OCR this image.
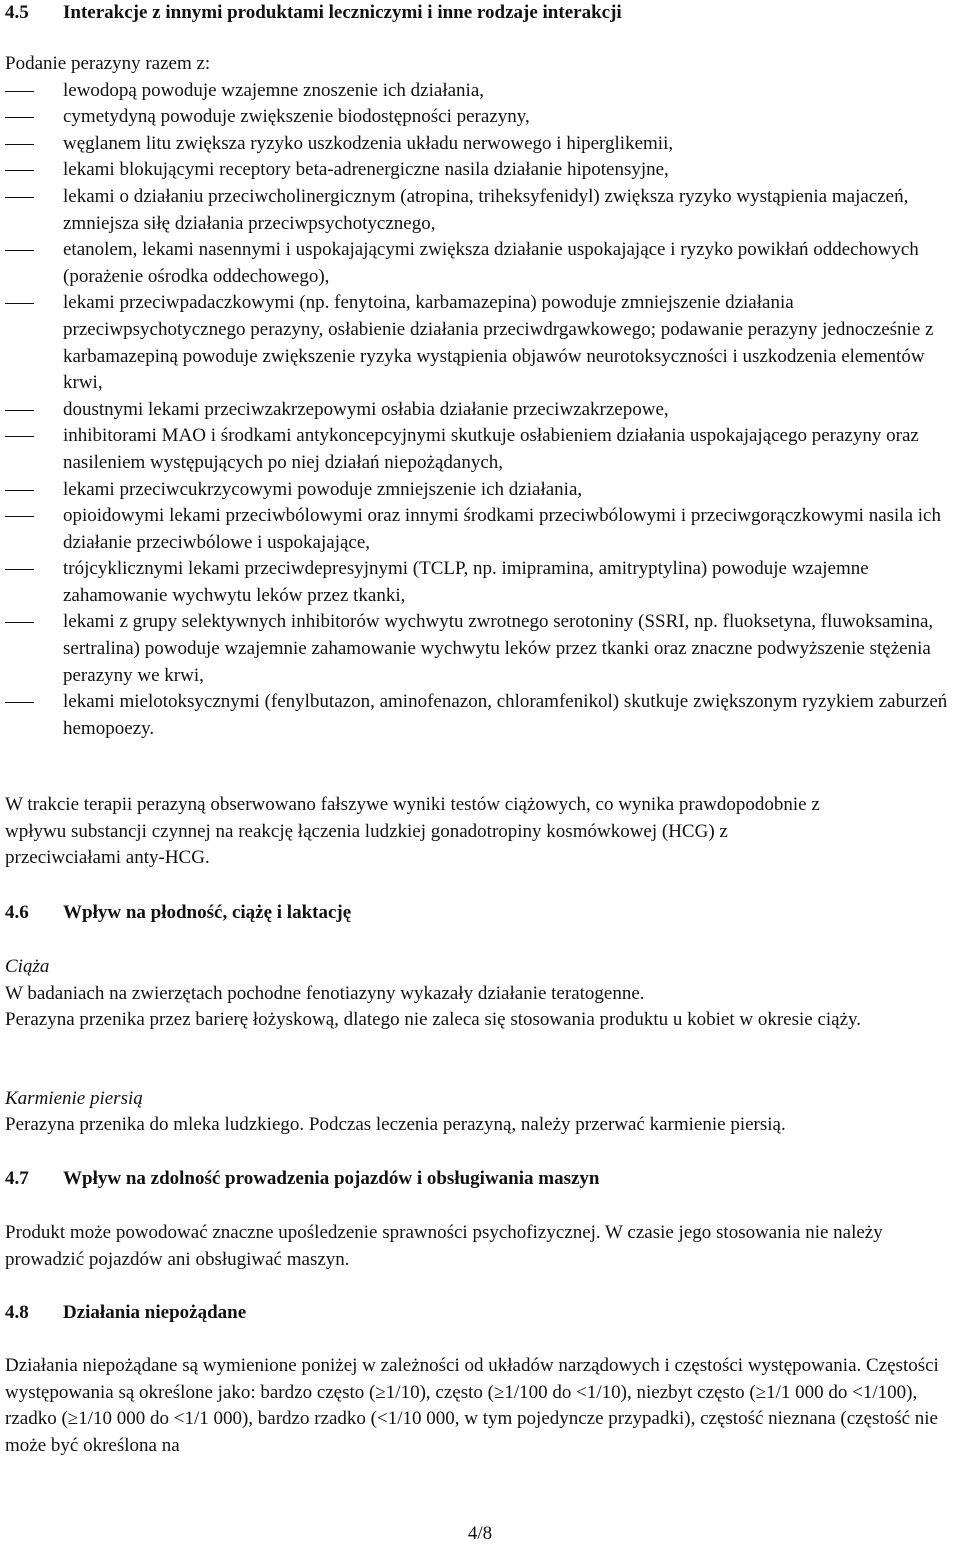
4.5	Interakcje z innymi produktami leczniczymi i inne rodzaje interakcji

Podanie perazyny razem z:

lewodopą powoduje wzajemne znoszenie ich działania,
cymetydyną powoduje zwiększenie biodostępności perazyny,
węglanem litu zwiększa ryzyko uszkodzenia układu nerwowego i hiperglikemii,
lekami blokującymi receptory beta-adrenergiczne nasila działanie hipotensyjne,
lekami o działaniu przeciwcholinergicznym (atropina, triheksyfenidyl) zwiększa ryzyko wystąpienia majaczeń, zmniejsza siłę działania przeciwpsychotycznego,
etanolem, lekami nasennymi i uspokajającymi zwiększa działanie uspokajające i ryzyko powikłań oddechowych (porażenie ośrodka oddechowego),
lekami przeciwpadaczkowymi (np. fenytoina, karbamazepina) powoduje zmniejszenie działania przeciwpsychotycznego perazyny, osłabienie działania przeciwdrgawkowego; podawanie perazyny jednocześnie z karbamazepiną powoduje zwiększenie ryzyka wystąpienia objawów neurotoksyczności i uszkodzenia elementów krwi,
doustnymi lekami przeciwzakrzepowymi osłabia działanie przeciwzakrzepowe,
inhibitorami MAO i środkami antykoncepcyjnymi skutkuje osłabieniem działania uspokajającego perazyny oraz nasileniem występujących po niej działań niepożądanych,
lekami przeciwcukrzycowymi powoduje zmniejszenie ich działania,
opioidowymi lekami przeciwbólowymi oraz innymi środkami przeciwbólowymi i przeciwgorączkowymi nasila ich działanie przeciwbólowe i uspokajające,
trójcyklicznymi lekami przeciwdepresyjnymi (TCLP, np. imipramina, amitryptylina) powoduje wzajemne zahamowanie wychwytu leków przez tkanki,
lekami z grupy selektywnych inhibitorów wychwytu zwrotnego serotoniny (SSRI, np. fluoksetyna, fluwoksamina, sertralina) powoduje wzajemnie zahamowanie wychwytu leków przez tkanki oraz znaczne podwyższenie stężenia perazyny we krwi,
lekami mielotoksycznymi (fenylbutazon, aminofenazon, chloramfenikol) skutkuje zwiększonym ryzykiem zaburzeń hemopoezy.

W trakcie terapii perazyną obserwowano fałszywe wyniki testów ciążowych, co wynika prawdopodobnie z wpływu substancji czynnej na reakcję łączenia ludzkiej gonadotropiny kosmówkowej (HCG) z przeciwciałami anty-HCG.

4.6	Wpływ na płodność, ciążę i laktację

Ciąża

W badaniach na zwierzętach pochodne fenotiazyny wykazały działanie teratogenne.

Perazyna przenika przez barierę łożyskową, dlatego nie zaleca się stosowania produktu u kobiet w okresie ciąży.

Karmienie piersią

Perazyna przenika do mleka ludzkiego. Podczas leczenia perazyną, należy przerwać karmienie piersią.

4.7	Wpływ na zdolność prowadzenia pojazdów i obsługiwania maszyn

Produkt może powodować znaczne upośledzenie sprawności psychofizycznej. W czasie jego stosowania nie należy prowadzić pojazdów ani obsługiwać maszyn.

4.8	Działania niepożądane

Działania niepożądane są wymienione poniżej w zależności od układów narządowych i częstości występowania. Częstości występowania są określone jako: bardzo często (≥1/10), często (≥1/100 do <1/10), niezbyt często (≥1/1 000 do <1/100), rzadko (≥1/10 000 do <1/1 000), bardzo rzadko (<1/10 000, w tym pojedyncze przypadki), częstość nieznana (częstość nie może być określona na

4/8
